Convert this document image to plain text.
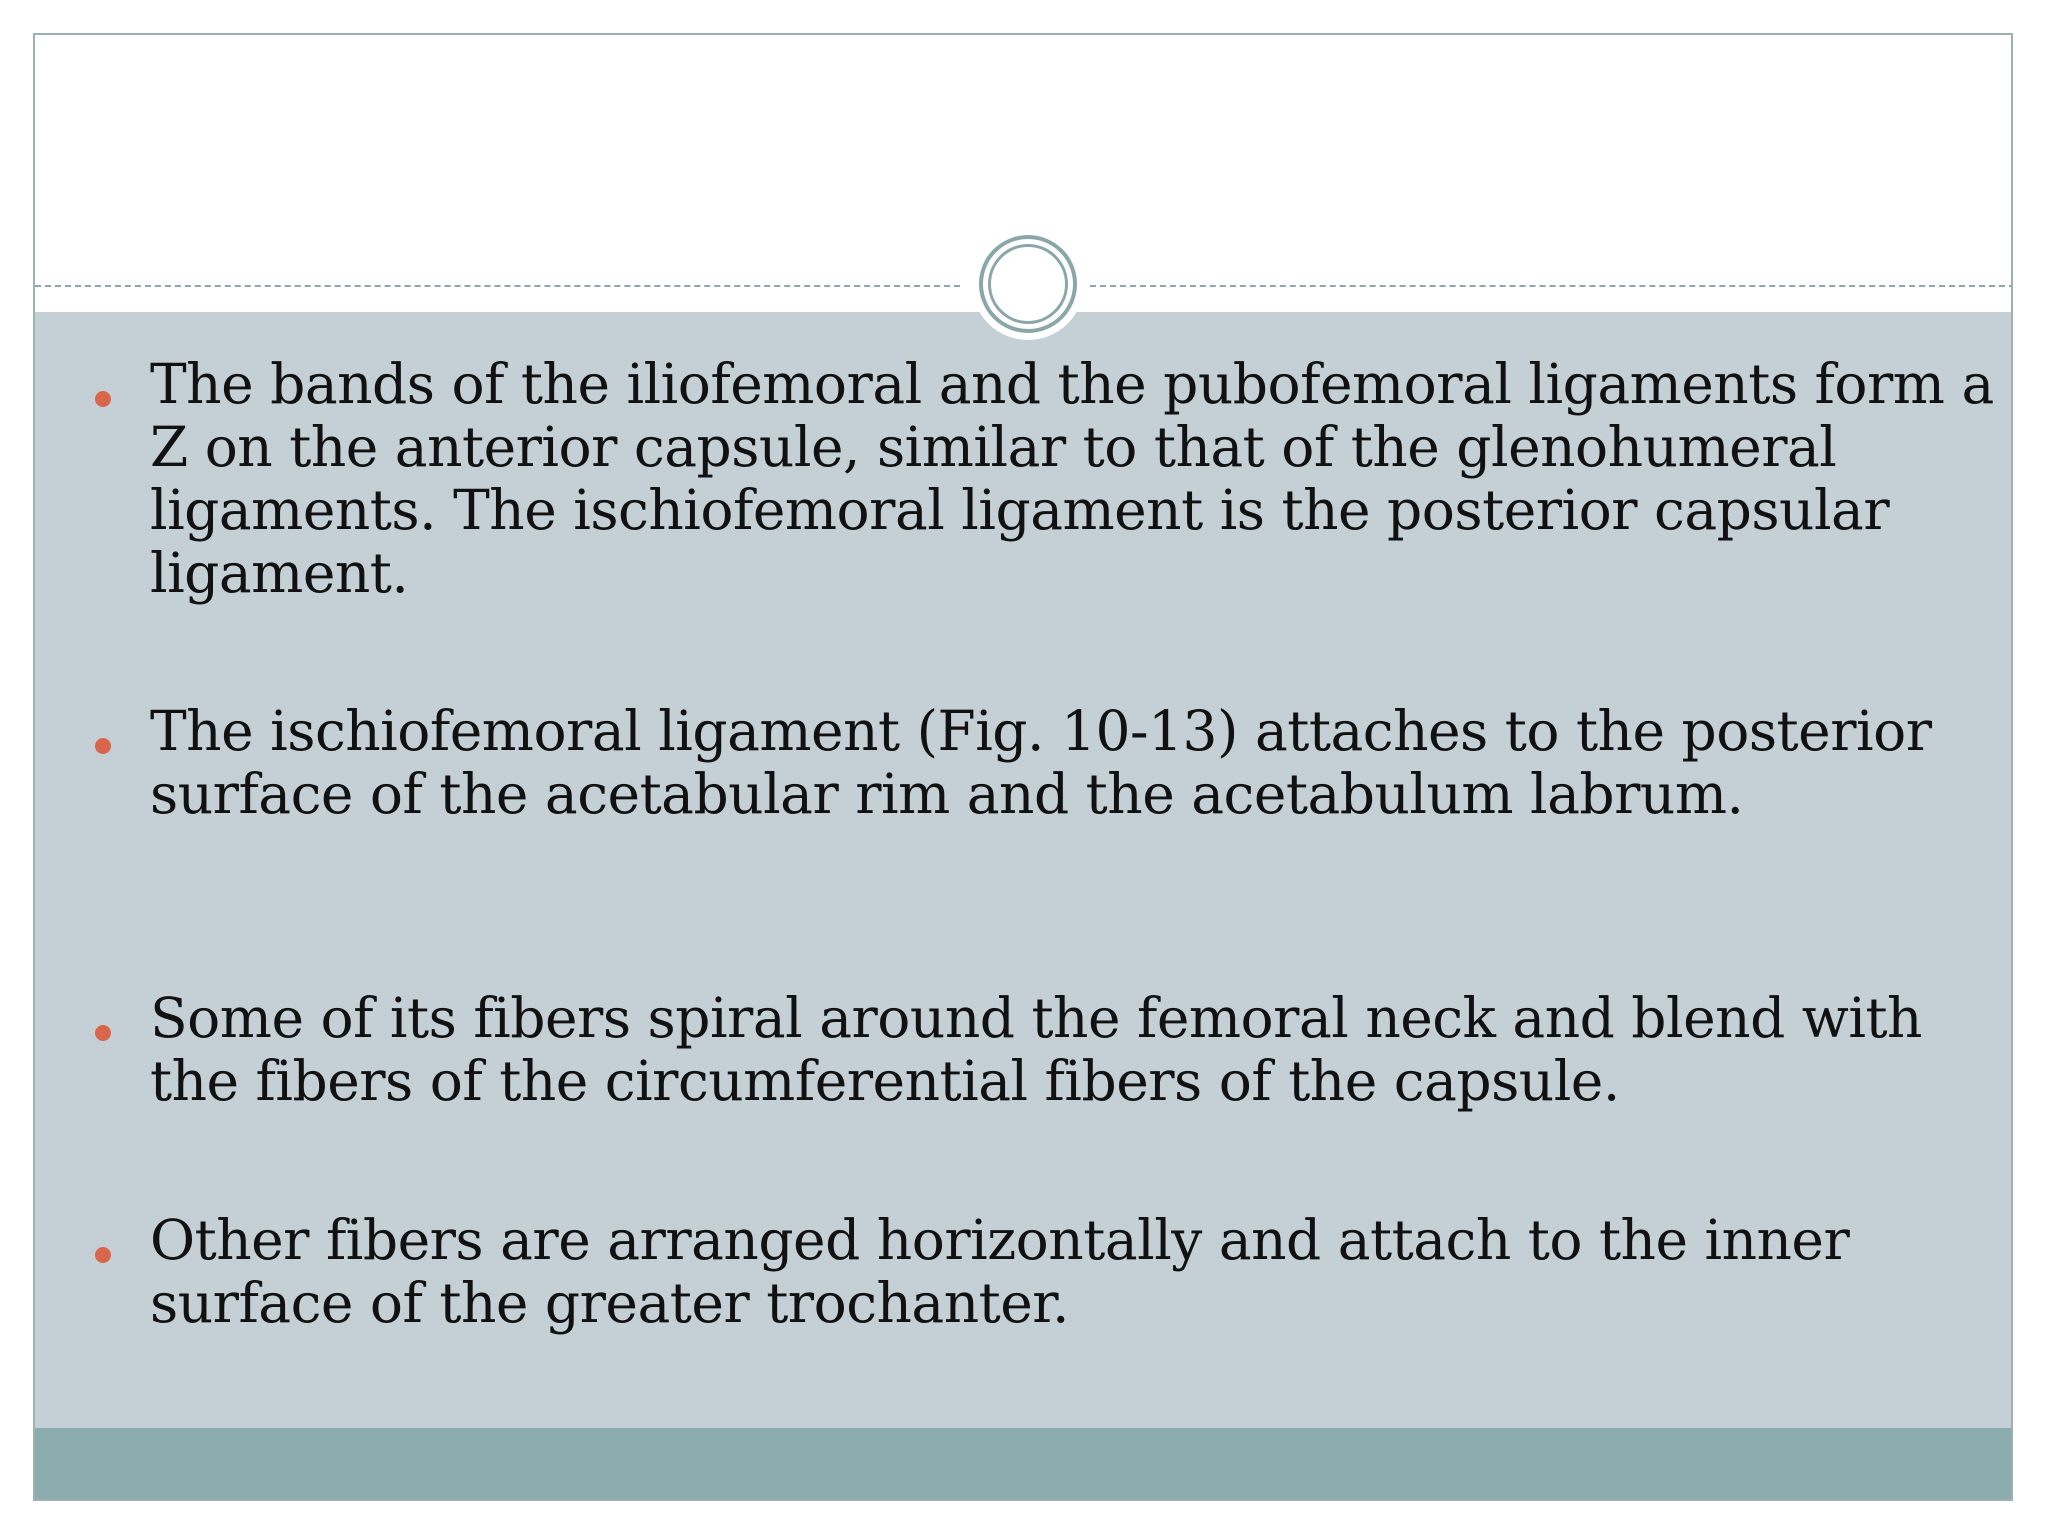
The bands of the iliofemoral and the pubofemoral ligaments form a Z on the anterior capsule, similar to that of the glenohumeral ligaments. The ischiofemoral ligament is the posterior capsular ligament.

The ischiofemoral ligament (Fig. 10-13) attaches to the posterior surface of the acetabular rim and the acetabulum labrum.

Some of its fibers spiral around the femoral neck and blend with the fibers of the circumferential fibers of the capsule.

Other fibers are arranged horizontally and attach to the inner surface of the greater trochanter.
